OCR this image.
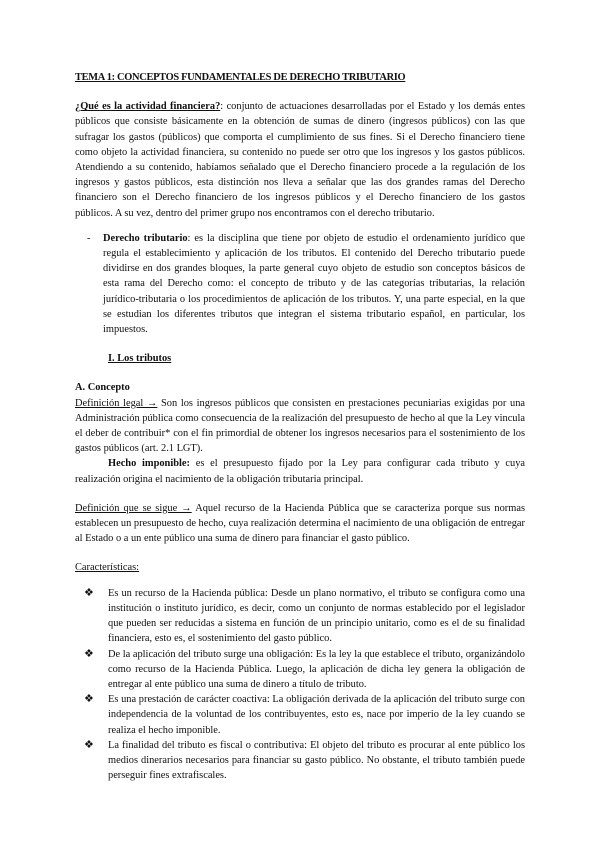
TEMA 1: CONCEPTOS FUNDAMENTALES DE DERECHO TRIBUTARIO

¿Qué es la actividad financiera?: conjunto de actuaciones desarrolladas por el Estado y los demás entes públicos que consiste básicamente en la obtención de sumas de dinero (ingresos públicos) con las que sufragar los gastos (públicos) que comporta el cumplimiento de sus fines. Si el Derecho financiero tiene como objeto la actividad financiera, su contenido no puede ser otro que los ingresos y los gastos públicos. Atendiendo a su contenido, habíamos señalado que el Derecho financiero procede a la regulación de los ingresos y gastos públicos, esta distinción nos lleva a señalar que las dos grandes ramas del Derecho financiero son el Derecho financiero de los ingresos públicos y el Derecho financiero de los gastos públicos. A su vez, dentro del primer grupo nos encontramos con el derecho tributario.

- Derecho tributario: es la disciplina que tiene por objeto de estudio el ordenamiento jurídico que regula el establecimiento y aplicación de los tributos. El contenido del Derecho tributario puede dividirse en dos grandes bloques, la parte general cuyo objeto de estudio son conceptos básicos de esta rama del Derecho como: el concepto de tributo y de las categorías tributarias, la relación jurídico-tributaria o los procedimientos de aplicación de los tributos. Y, una parte especial, en la que se estudian los diferentes tributos que integran el sistema tributario español, en particular, los impuestos.

I. Los tributos
A. Concepto

Definición legal → Son los ingresos públicos que consisten en prestaciones pecuniarias exigidas por una Administración pública como consecuencia de la realización del presupuesto de hecho al que la Ley vincula el deber de contribuir* con el fin primordial de obtener los ingresos necesarios para el sostenimiento de los gastos públicos (art. 2.1 LGT).

Hecho imponible: es el presupuesto fijado por la Ley para configurar cada tributo y cuya realización origina el nacimiento de la obligación tributaria principal.

Definición que se sigue → Aquel recurso de la Hacienda Pública que se caracteriza porque sus normas establecen un presupuesto de hecho, cuya realización determina el nacimiento de una obligación de entregar al Estado o a un ente público una suma de dinero para financiar el gasto público.

Características:

❖ Es un recurso de la Hacienda pública: Desde un plano normativo, el tributo se configura como una institución o instituto jurídico, es decir, como un conjunto de normas establecido por el legislador que pueden ser reducidas a sistema en función de un principio unitario, como es el de su finalidad financiera, esto es, el sostenimiento del gasto público.
❖ De la aplicación del tributo surge una obligación: Es la ley la que establece el tributo, organizándolo como recurso de la Hacienda Pública. Luego, la aplicación de dicha ley genera la obligación de entregar al ente público una suma de dinero a título de tributo.
❖ Es una prestación de carácter coactiva: La obligación derivada de la aplicación del tributo surge con independencia de la voluntad de los contribuyentes, esto es, nace por imperio de la ley cuando se realiza el hecho imponible.
❖ La finalidad del tributo es fiscal o contributiva: El objeto del tributo es procurar al ente público los medios dinerarios necesarios para financiar su gasto público. No obstante, el tributo también puede perseguir fines extrafiscales.
